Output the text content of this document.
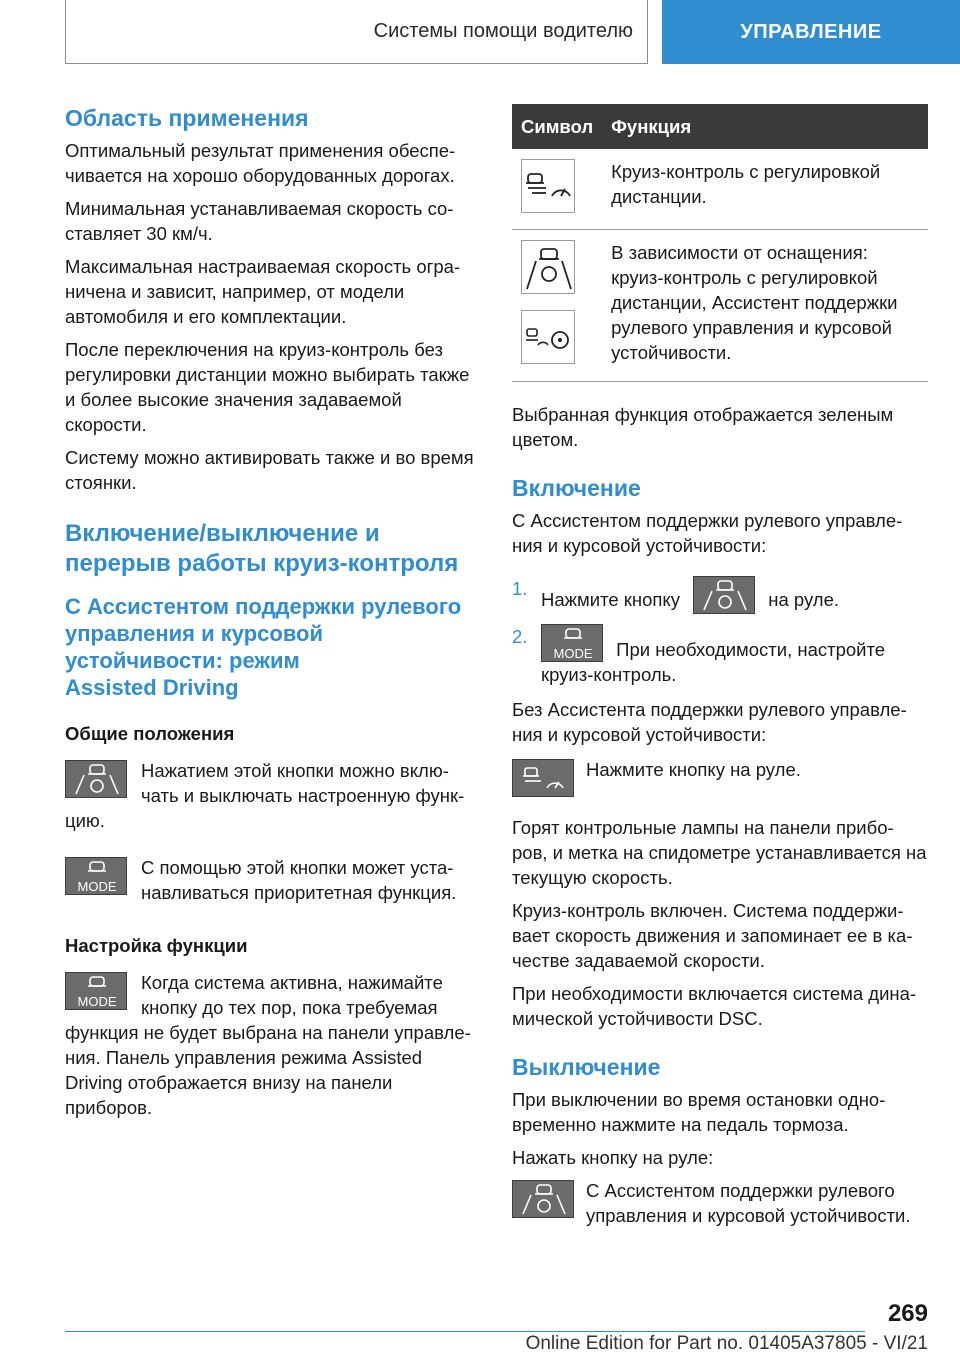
Системы помощи водителю	УПРАВЛЕНИЕ
Область применения

Оптимальный результат применения обеспе-чивается на хорошо оборудованных дорогах.

Минимальная устанавливаемая скорость со-ставляет 30 км/ч.

Максимальная настраиваемая скорость огра-ничена и зависит, например, от модели автомобиля и его комплектации.

После переключения на круиз-контроль без регулировки дистанции можно выбирать также и более высокие значения задаваемой скорости.

Систему можно активировать также и во время стоянки.

Включение/выключение и перерыв работы круиз-контроля
С Ассистентом поддержки рулевого управления и курсовой устойчивости: режим
Assisted Driving
Общие положения
Нажатием этой кнопки можно вклю-чать и выключать настроенную функ-цию.
MODE
С помощью этой кнопки может уста-навливаться приоритетная функция.
Настройка функции
MODE
Когда система активна, нажимайте кнопку до тех пор, пока требуемая функция не будет выбрана на панели управле-ния. Панель управления режима Assisted Driving отображается внизу на панели приборов.
Символ	Функция

	Круиз-контроль с регулировкой дистанции.

	В зависимости от оснащения: круиз-контроль с регулировкой дистанции, Ассистент поддержки рулевого управления и курсовой устойчивости.

Выбранная функция отображается зеленым цветом.

Включение

С Ассистентом поддержки рулевого управле-ния и курсовой устойчивости:

1.
Нажмите кнопку	на руле.
2.
MODE При необходимости, настройте круиз-контроль.

Без Ассистента поддержки рулевого управле-ния и курсовой устойчивости:

Нажмите кнопку на руле.

Горят контрольные лампы на панели прибо-ров, и метка на спидометре устанавливается на текущую скорость.

Круиз-контроль включен. Система поддержи-вает скорость движения и запоминает ее в ка-честве задаваемой скорости.

При необходимости включается система дина-мической устойчивости DSC.

Выключение

При выключении во время остановки одно-временно нажмите на педаль тормоза.

Нажать кнопку на руле:

С Ассистентом поддержки рулевого управления и курсовой устойчивости.
269
Online Edition for Part no. 01405A37805 - VI/21
